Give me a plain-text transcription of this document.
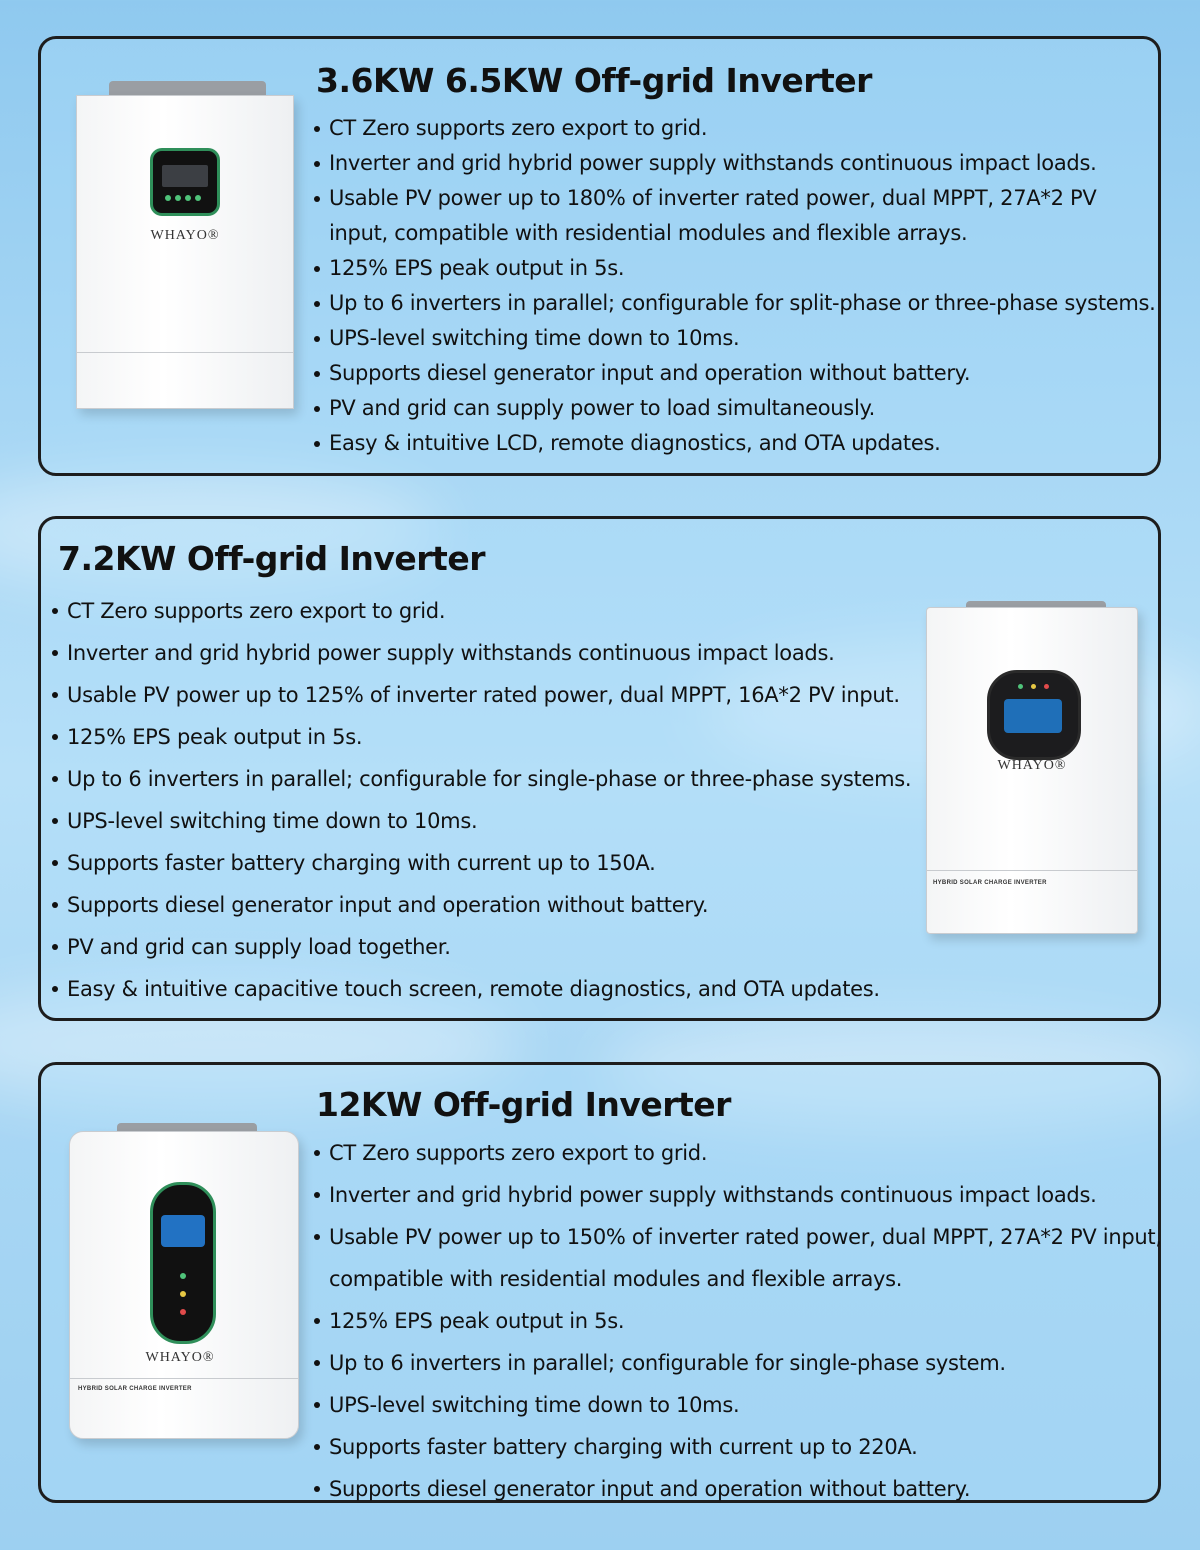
WHAYO®
3.6KW 6.5KW Off-grid Inverter
CT Zero supports zero export to grid.
Inverter and grid hybrid power supply withstands continuous impact loads.
Usable PV power up to 180% of inverter rated power, dual MPPT, 27A*2 PV
input, compatible with residential modules and flexible arrays.
125% EPS peak output in 5s.
Up to 6 inverters in parallel; configurable for split-phase or three-phase systems.
UPS-level switching time down to 10ms.
Supports diesel generator input and operation without battery.
PV and grid can supply power to load simultaneously.
Easy & intuitive LCD, remote diagnostics, and OTA updates.
7.2KW Off-grid Inverter
CT Zero supports zero export to grid.
Inverter and grid hybrid power supply withstands continuous impact loads.
Usable PV power up to 125% of inverter rated power, dual MPPT, 16A*2 PV input.
125% EPS peak output in 5s.
Up to 6 inverters in parallel; configurable for single-phase or three-phase systems.
UPS-level switching time down to 10ms.
Supports faster battery charging with current up to 150A.
Supports diesel generator input and operation without battery.
PV and grid can supply load together.
Easy & intuitive capacitive touch screen, remote diagnostics, and OTA updates.
HYBRID SOLAR CHARGE INVERTER
WHAYO®
HYBRID SOLAR CHARGE INVERTER
WHAYO®
12KW Off-grid Inverter
CT Zero supports zero export to grid.
Inverter and grid hybrid power supply withstands continuous impact loads.
Usable PV power up to 150% of inverter rated power, dual MPPT, 27A*2 PV input,
compatible with residential modules and flexible arrays.
125% EPS peak output in 5s.
Up to 6 inverters in parallel; configurable for single-phase system.
UPS-level switching time down to 10ms.
Supports faster battery charging with current up to 220A.
Supports diesel generator input and operation without battery.
